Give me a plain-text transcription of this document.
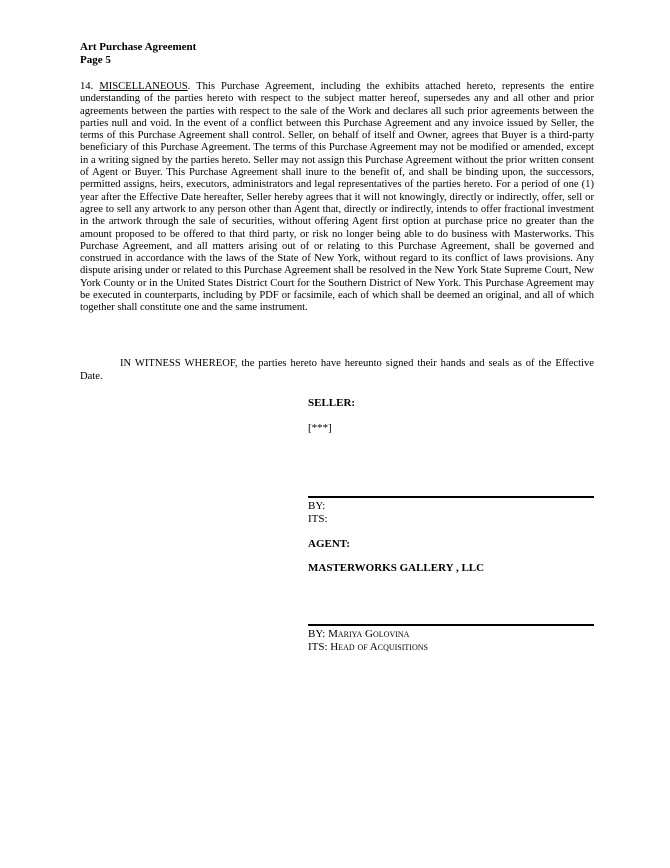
Art Purchase Agreement
Page 5
14. MISCELLANEOUS. This Purchase Agreement, including the exhibits attached hereto, represents the entire understanding of the parties hereto with respect to the subject matter hereof, supersedes any and all other and prior agreements between the parties with respect to the sale of the Work and declares all such prior agreements between the parties null and void. In the event of a conflict between this Purchase Agreement and any invoice issued by Seller, the terms of this Purchase Agreement shall control. Seller, on behalf of itself and Owner, agrees that Buyer is a third-party beneficiary of this Purchase Agreement. The terms of this Purchase Agreement may not be modified or amended, except in a writing signed by the parties hereto. Seller may not assign this Purchase Agreement without the prior written consent of Agent or Buyer. This Purchase Agreement shall inure to the benefit of, and shall be binding upon, the successors, permitted assigns, heirs, executors, administrators and legal representatives of the parties hereto. For a period of one (1) year after the Effective Date hereafter, Seller hereby agrees that it will not knowingly, directly or indirectly, offer, sell or agree to sell any artwork to any person other than Agent that, directly or indirectly, intends to offer fractional investment in the artwork through the sale of securities, without offering Agent first option at purchase price no greater than the amount proposed to be offered to that third party, or risk no longer being able to do business with Masterworks. This Purchase Agreement, and all matters arising out of or relating to this Purchase Agreement, shall be governed and construed in accordance with the laws of the State of New York, without regard to its conflict of laws provisions. Any dispute arising under or related to this Purchase Agreement shall be resolved in the New York State Supreme Court, New York County or in the United States District Court for the Southern District of New York. This Purchase Agreement may be executed in counterparts, including by PDF or facsimile, each of which shall be deemed an original, and all of which together shall constitute one and the same instrument.
IN WITNESS WHEREOF, the parties hereto have hereunto signed their hands and seals as of the Effective Date.
SELLER:
[***]
BY:
ITS:
AGENT:
MASTERWORKS GALLERY , LLC
BY: Mariya Golovina
ITS: Head of Acquisitions
